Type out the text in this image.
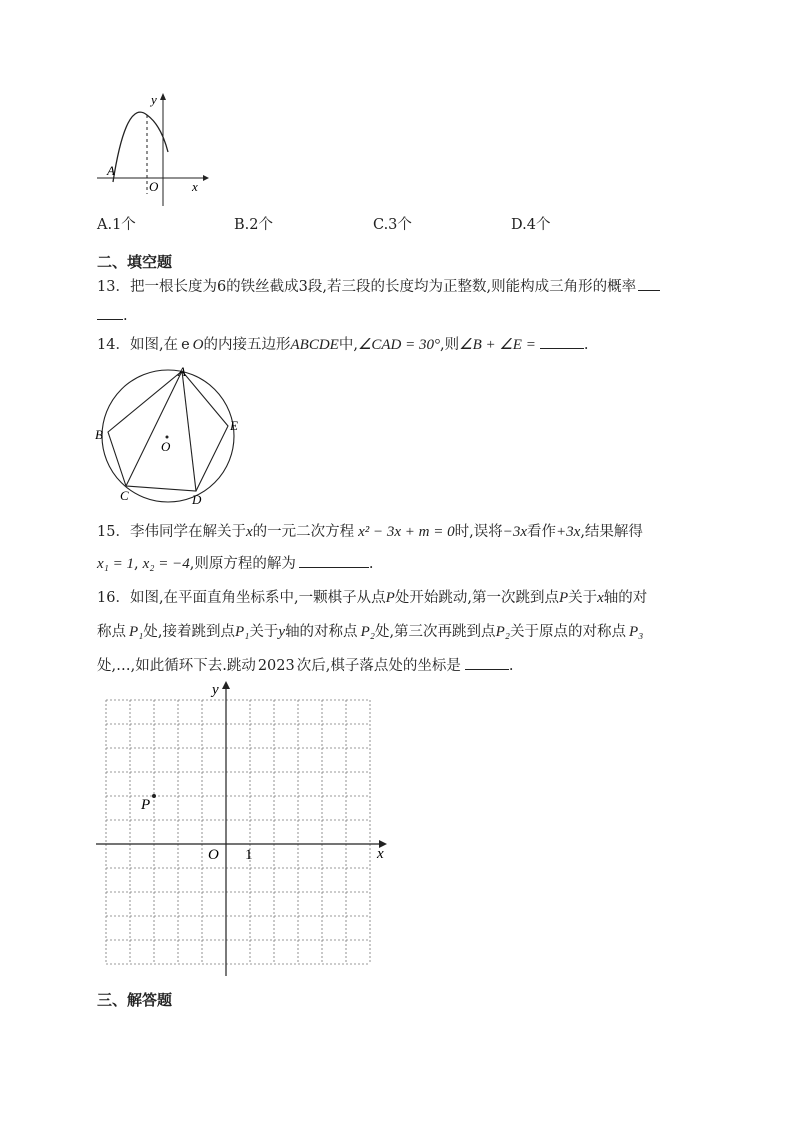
y
x
O
A
A.1个	B.2个	C.3个	D.4个
二、填空题
13．把一根长度为6的铁丝截成3段,若三段的长度均为正整数,则能构成三角形的概率
.
14．如图,在 e O的内接五边形ABCDE中,∠CAD = 30°,则∠B + ∠E =	.
A
B
C	D
E
O
15．李伟同学在解关于x的一元二次方程 x² − 3x + m = 0时,误将−3x看作+3x,结果解得
x₁ = 1, x₂ = −4,则原方程的解为	.
16．如图,在平面直角坐标系中,一颗棋子从点P处开始跳动,第一次跳到点P关于x轴的对
称点 P₁处,接着跳到点P₁关于y轴的对称点 P₂处,第三次再跳到点P₂关于原点的对称点 P₃
处,…,如此循环下去.跳动 2023 次后,棋子落点处的坐标是	.
y
x
O 1
P
三、解答题
